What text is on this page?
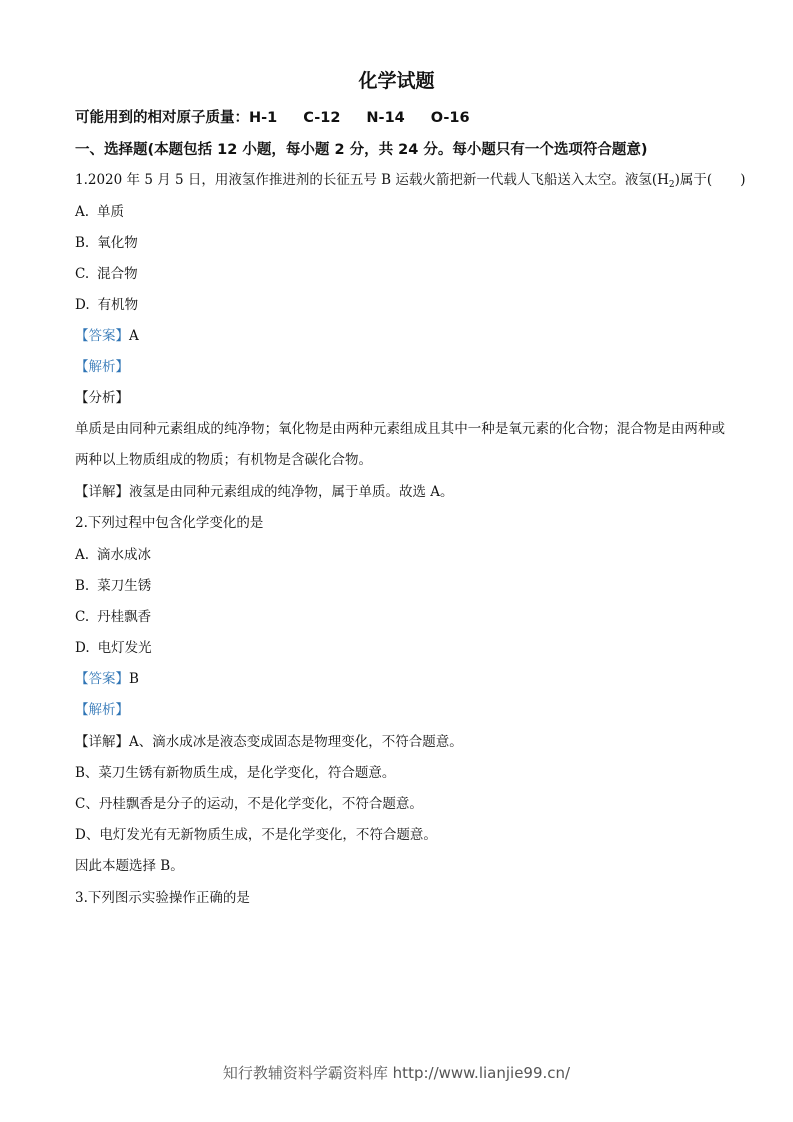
化学试题
可能用到的相对原子质量：H-1 C-12 N-14 O-16
一、选择题(本题包括 12 小题，每小题 2 分，共 24 分。每小题只有一个选项符合题意)
1.2020 年 5 月 5 日，用液氢作推进剂的长征五号 B 运载火箭把新一代载人飞船送入太空。液氢$(H_2)$属于( )
A. 单质
B. 氧化物
C. 混合物
D. 有机物
【答案】A
【解析】
【分析】
单质是由同种元素组成的纯净物；氧化物是由两种元素组成且其中一种是氧元素的化合物；混合物是由两种或两种以上物质组成的物质；有机物是含碳化合物。
【详解】液氢是由同种元素组成的纯净物，属于单质。故选 A。
2.下列过程中包含化学变化的是
A. 滴水成冰
B. 菜刀生锈
C. 丹桂飘香
D. 电灯发光
【答案】B
【解析】
【详解】A、滴水成冰是液态变成固态是物理变化，不符合题意。
B、菜刀生锈有新物质生成，是化学变化，符合题意。
C、丹桂飘香是分子的运动，不是化学变化，不符合题意。
D、电灯发光有无新物质生成，不是化学变化，不符合题意。
因此本题选择 B。
3.下列图示实验操作正确的是
知行教辅资料学霸资料库 http://www.lianjie99.cn/
